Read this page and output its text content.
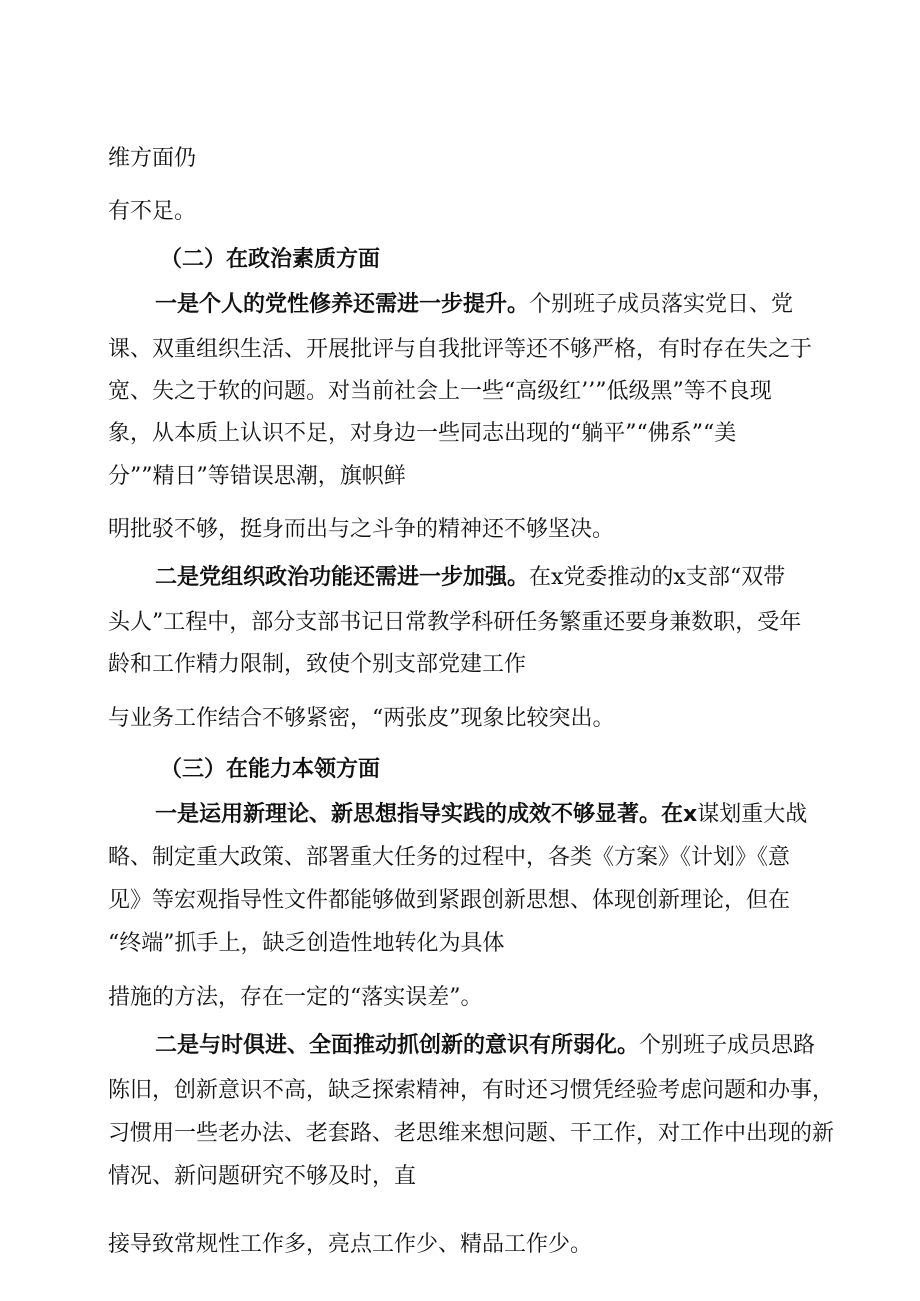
维方面仍
有不足。
（二）在政治素质方面
一是个人的党性修养还需进一步提升。个别班子成员落实党日、党
课、双重组织生活、开展批评与自我批评等还不够严格，有时存在失之于
宽、失之于软的问题。对当前社会上一些“高级红’’”低级黑”等不良现
象，从本质上认识不足，对身边一些同志出现的“躺平”“佛系”“美
分””精日”等错误思潮，旗帜鲜
明批驳不够，挺身而出与之斗争的精神还不够坚决。
二是党组织政治功能还需进一步加强。在x党委推动的x支部“双带
头人”工程中，部分支部书记日常教学科研任务繁重还要身兼数职，受年
龄和工作精力限制，致使个别支部党建工作
与业务工作结合不够紧密，“两张皮”现象比较突出。
（三）在能力本领方面
一是运用新理论、新思想指导实践的成效不够显著。在x谋划重大战
略、制定重大政策、部署重大任务的过程中，各类《方案》《计划》《意
见》等宏观指导性文件都能够做到紧跟创新思想、体现创新理论，但在
“终端”抓手上，缺乏创造性地转化为具体
措施的方法，存在一定的“落实误差”。
二是与时俱进、全面推动抓创新的意识有所弱化。个别班子成员思路
陈旧，创新意识不高，缺乏探索精神，有时还习惯凭经验考虑问题和办事，
习惯用一些老办法、老套路、老思维来想问题、干工作，对工作中出现的新
情况、新问题研究不够及时，直
接导致常规性工作多，亮点工作少、精品工作少。
